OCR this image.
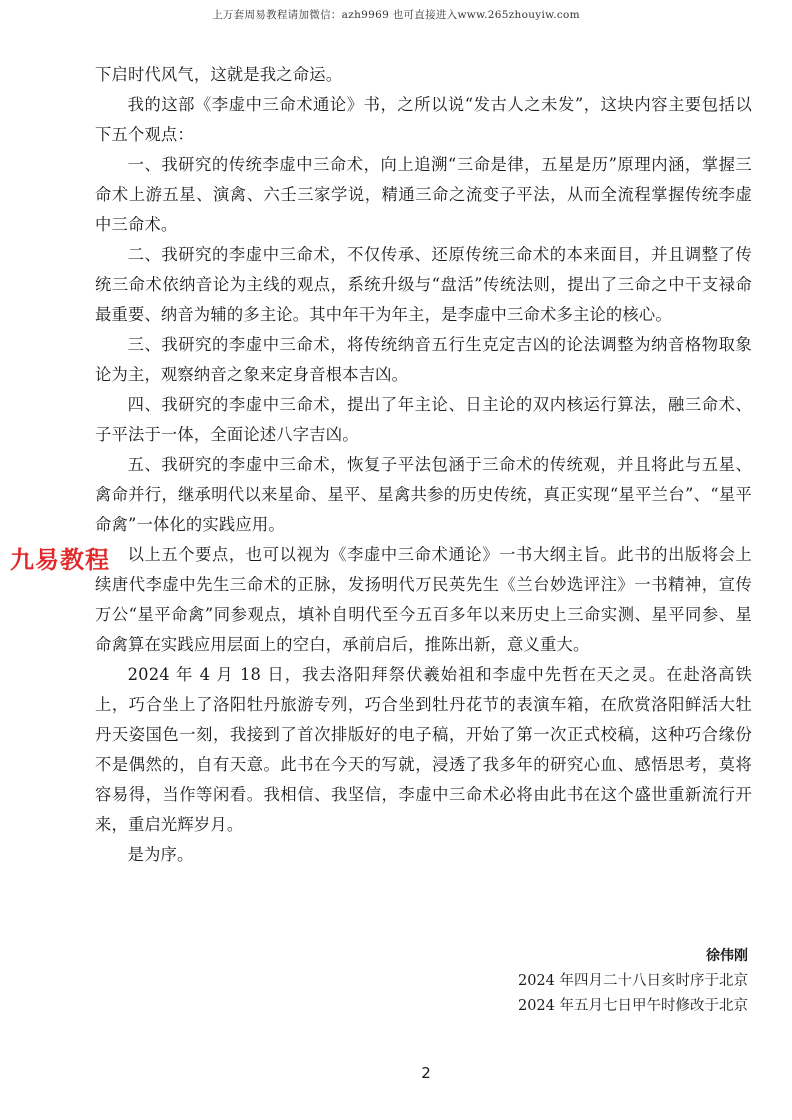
上万套周易教程请加微信：azh9969 也可直接进入www.265zhouyiw.com

下启时代风气，这就是我之命运。

我的这部《李虚中三命术通论》书，之所以说“发古人之未发”，这块内容主要包括以下五个观点：

一、我研究的传统李虚中三命术，向上追溯“三命是律，五星是历”原理内涵，掌握三命术上游五星、演禽、六壬三家学说，精通三命之流变子平法，从而全流程掌握传统李虚中三命术。

二、我研究的李虚中三命术，不仅传承、还原传统三命术的本来面目，并且调整了传统三命术依纳音论为主线的观点，系统升级与“盘活”传统法则，提出了三命之中干支禄命最重要、纳音为辅的多主论。其中年干为年主，是李虚中三命术多主论的核心。

三、我研究的李虚中三命术，将传统纳音五行生克定吉凶的论法调整为纳音格物取象论为主，观察纳音之象来定身音根本吉凶。

四、我研究的李虚中三命术，提出了年主论、日主论的双内核运行算法，融三命术、子平法于一体，全面论述八字吉凶。

五、我研究的李虚中三命术，恢复子平法包涵于三命术的传统观，并且将此与五星、禽命并行，继承明代以来星命、星平、星禽共参的历史传统，真正实现“星平兰台”、“星平命禽”一体化的实践应用。

以上五个要点，也可以视为《李虚中三命术通论》一书大纲主旨。此书的出版将会上续唐代李虚中先生三命术的正脉，发扬明代万民英先生《兰台妙选评注》一书精神，宣传万公“星平命禽”同参观点，填补自明代至今五百多年以来历史上三命实测、星平同参、星命禽算在实践应用层面上的空白，承前启后，推陈出新，意义重大。

2024 年 4 月 18 日，我去洛阳拜祭伏羲始祖和李虚中先哲在天之灵。在赴洛高铁上，巧合坐上了洛阳牡丹旅游专列，巧合坐到牡丹花节的表演车箱，在欣赏洛阳鲜活大牡丹天姿国色一刻，我接到了首次排版好的电子稿，开始了第一次正式校稿，这种巧合缘份不是偶然的，自有天意。此书在今天的写就，浸透了我多年的研究心血、感悟思考，莫将容易得，当作等闲看。我相信、我坚信，李虚中三命术必将由此书在这个盛世重新流行开来，重启光辉岁月。

是为序。

九易教程
徐伟刚
2024 年四月二十八日亥时序于北京
2024 年五月七日甲午时修改于北京
2
